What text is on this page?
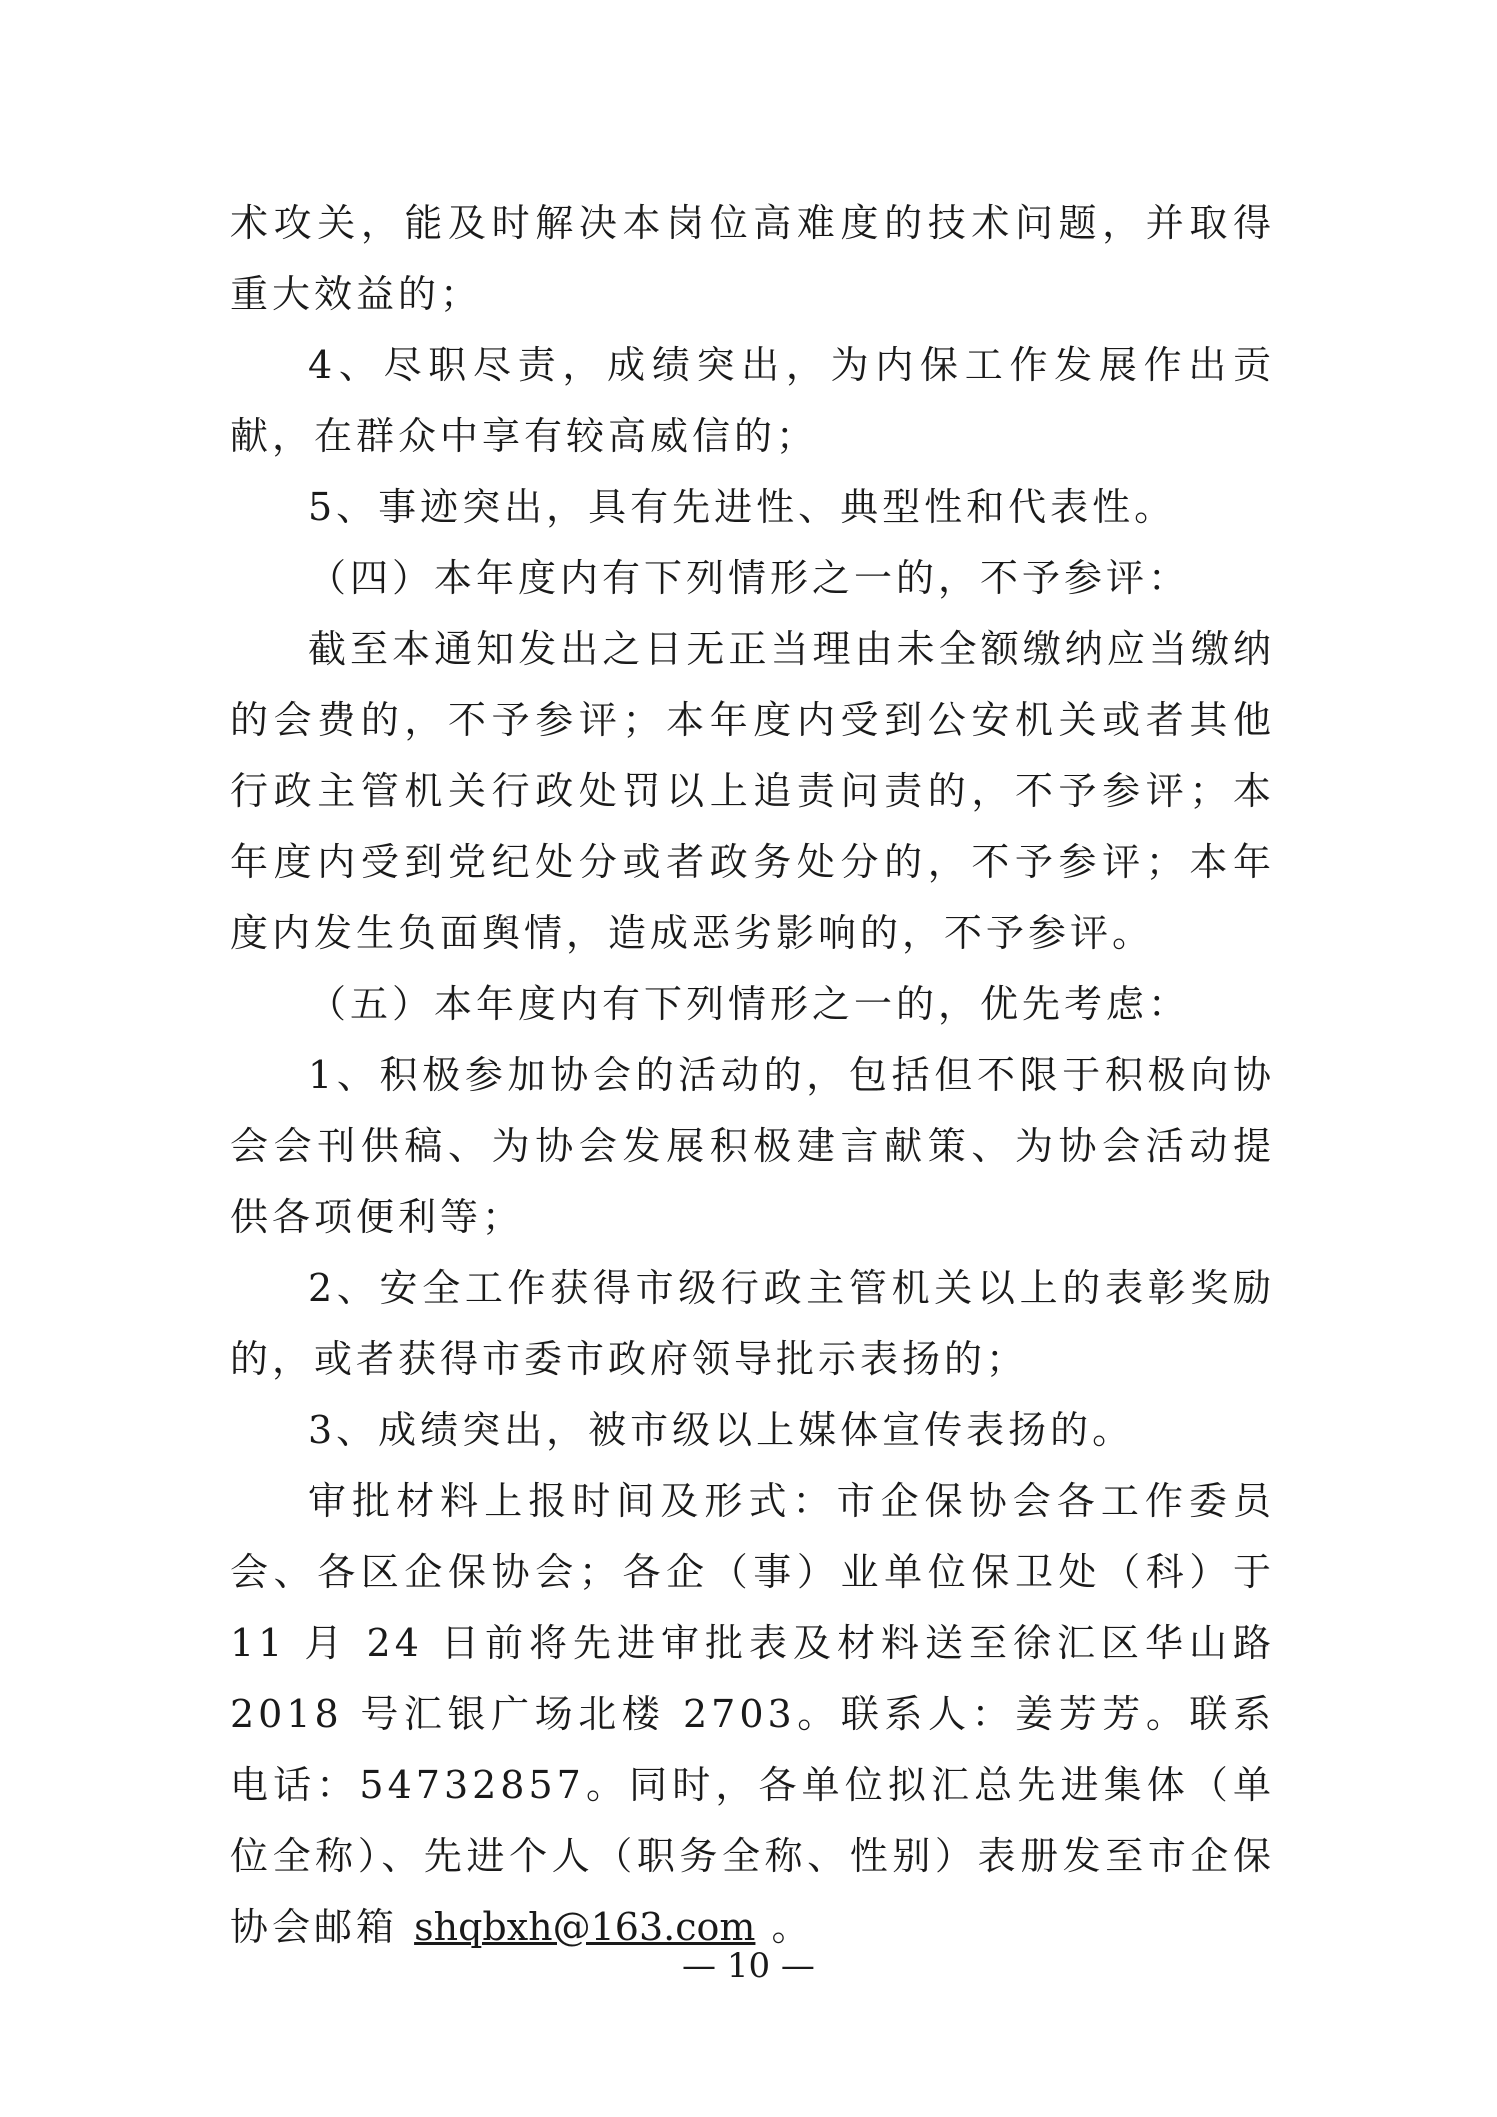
术攻关，能及时解决本岗位高难度的技术问题，并取得重大效益的；

4、尽职尽责，成绩突出，为内保工作发展作出贡献，在群众中享有较高威信的；

5、事迹突出，具有先进性、典型性和代表性。

（四）本年度内有下列情形之一的，不予参评：

截至本通知发出之日无正当理由未全额缴纳应当缴纳的会费的，不予参评；本年度内受到公安机关或者其他行政主管机关行政处罚以上追责问责的，不予参评；本年度内受到党纪处分或者政务处分的，不予参评；本年度内发生负面舆情，造成恶劣影响的，不予参评。

（五）本年度内有下列情形之一的，优先考虑：

1、积极参加协会的活动的，包括但不限于积极向协会会刊供稿、为协会发展积极建言献策、为协会活动提供各项便利等；

2、安全工作获得市级行政主管机关以上的表彰奖励的，或者获得市委市政府领导批示表扬的；

3、成绩突出，被市级以上媒体宣传表扬的。

审批材料上报时间及形式：市企保协会各工作委员会、各区企保协会；各企（事）业单位保卫处（科）于 11 月 24 日前将先进审批表及材料送至徐汇区华山路 2018 号汇银广场北楼 2703。联系人：姜芳芳。联系电话：54732857。同时，各单位拟汇总先进集体（单位全称）、先进个人（职务全称、性别）表册发至市企保协会邮箱 shqbxh@163.com 。

— 10 —
